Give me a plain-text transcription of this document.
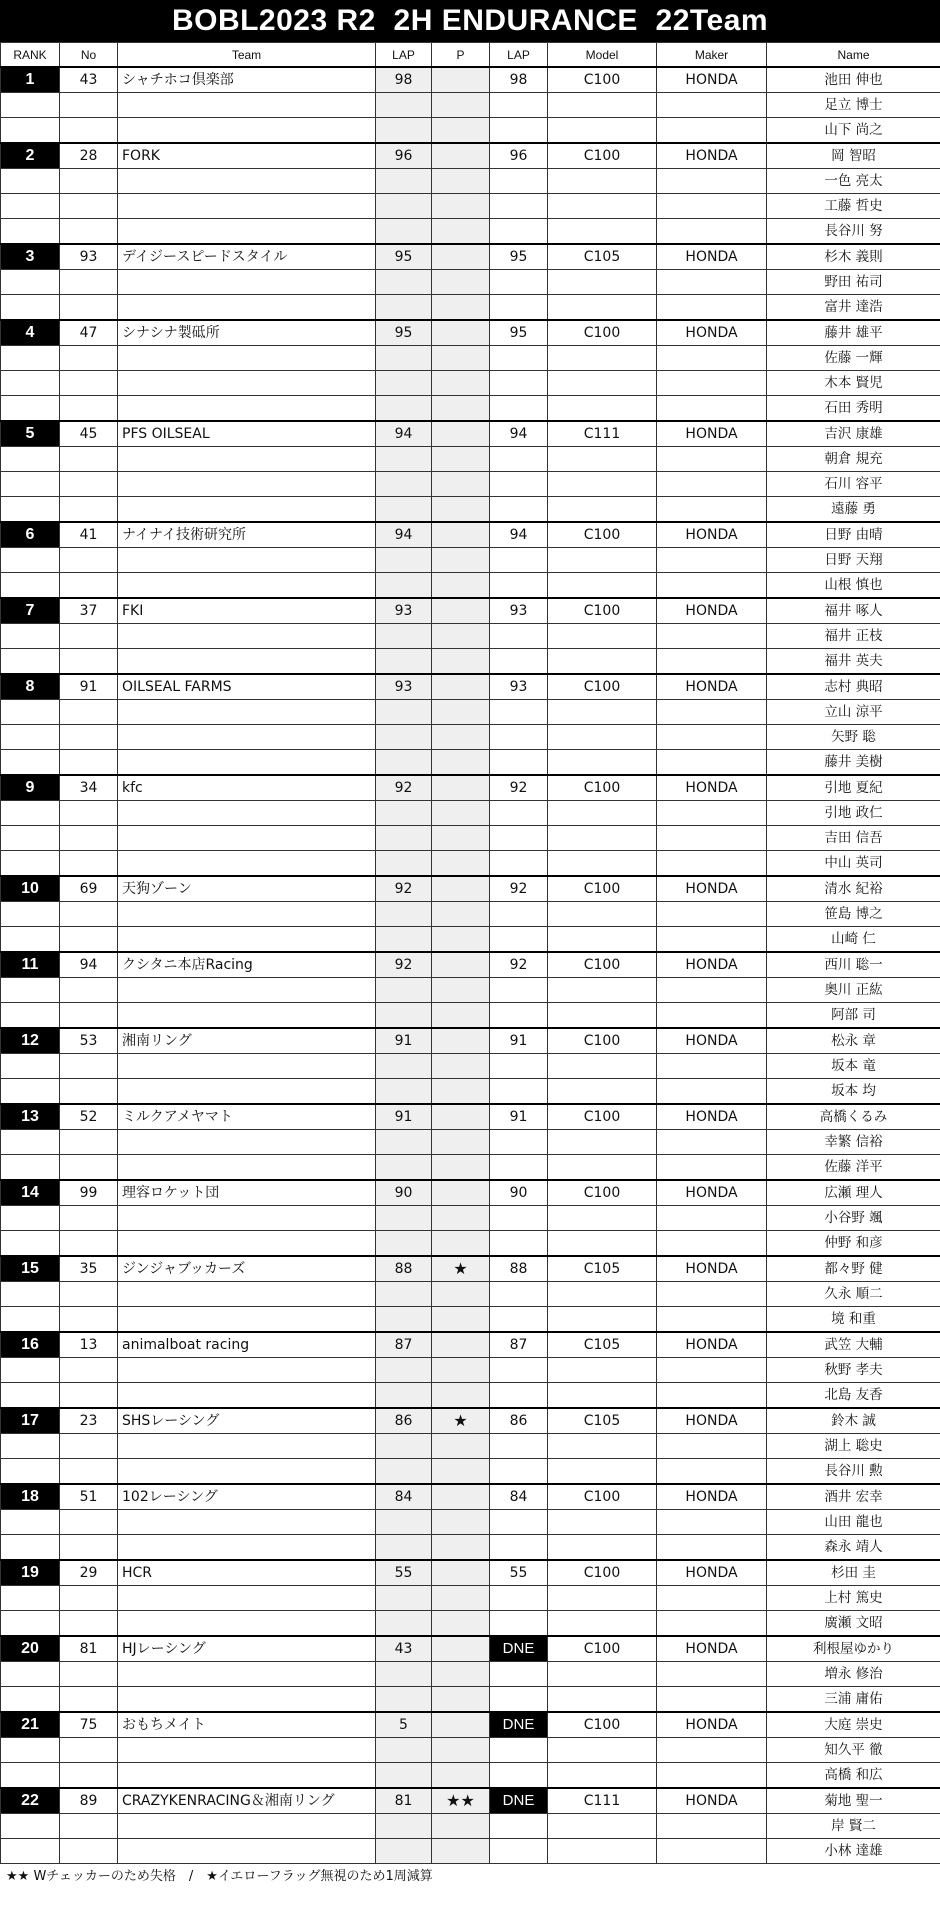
BOBL2023 R2  2H ENDURANCE  22Team
RANK	No	Team	LAP	P	LAP	Model	Maker	Name
1	43	シャチホコ倶楽部	98		98	C100	HONDA	池田 伸也
								足立 博士
								山下 尚之
2	28	FORK	96		96	C100	HONDA	岡 智昭
								一色 亮太
								工藤 哲史
								長谷川 努
3	93	デイジースピードスタイル	95		95	C105	HONDA	杉木 義則
								野田 祐司
								富井 達浩
4	47	シナシナ製砥所	95		95	C100	HONDA	藤井 雄平
								佐藤 一輝
								木本 賢児
								石田 秀明
5	45	PFS OILSEAL	94		94	C111	HONDA	吉沢 康雄
								朝倉 規充
								石川 容平
								遠藤 勇
6	41	ナイナイ技術研究所	94		94	C100	HONDA	日野 由晴
								日野 天翔
								山根 慎也
7	37	FKI	93		93	C100	HONDA	福井 啄人
								福井 正枝
								福井 英夫
8	91	OILSEAL FARMS	93		93	C100	HONDA	志村 典昭
								立山 涼平
								矢野 聡
								藤井 美樹
9	34	kfc	92		92	C100	HONDA	引地 夏紀
								引地 政仁
								吉田 信吾
								中山 英司
10	69	天狗ゾーン	92		92	C100	HONDA	清水 紀裕
								笹島 博之
								山崎 仁
11	94	クシタニ本店Racing	92		92	C100	HONDA	西川 聡一
								奥川 正紘
								阿部 司
12	53	湘南リング	91		91	C100	HONDA	松永 章
								坂本 竜
								坂本 均
13	52	ミルクアメヤマト	91		91	C100	HONDA	高橋くるみ
								幸繁 信裕
								佐藤 洋平
14	99	理容ロケット団	90		90	C100	HONDA	広瀬 理人
								小谷野 颯
								仲野 和彦
15	35	ジンジャブッカーズ	88	★	88	C105	HONDA	都々野 健
								久永 順二
								境 和重
16	13	animalboat racing	87		87	C105	HONDA	武笠 大輔
								秋野 孝夫
								北島 友香
17	23	SHSレーシング	86	★	86	C105	HONDA	鈴木 誠
								湖上 聡史
								長谷川 勲
18	51	102レーシング	84		84	C100	HONDA	酒井 宏幸
								山田 龍也
								森永 靖人
19	29	HCR	55		55	C100	HONDA	杉田 圭
								上村 篤史
								廣瀬 文昭
20	81	HJレーシング	43		DNE	C100	HONDA	利根屋ゆかり
								増永 修治
								三浦 庸佑
21	75	おもちメイト	5		DNE	C100	HONDA	大庭 崇史
								知久平 徹
								高橋 和広
22	89	CRAZYKENRACING＆湘南リング	81	★★	DNE	C111	HONDA	菊地 聖一
								岸 賢二
								小林 達雄
★★ Wチェッカーのため失格　/　★イエローフラッグ無視のため1周減算
